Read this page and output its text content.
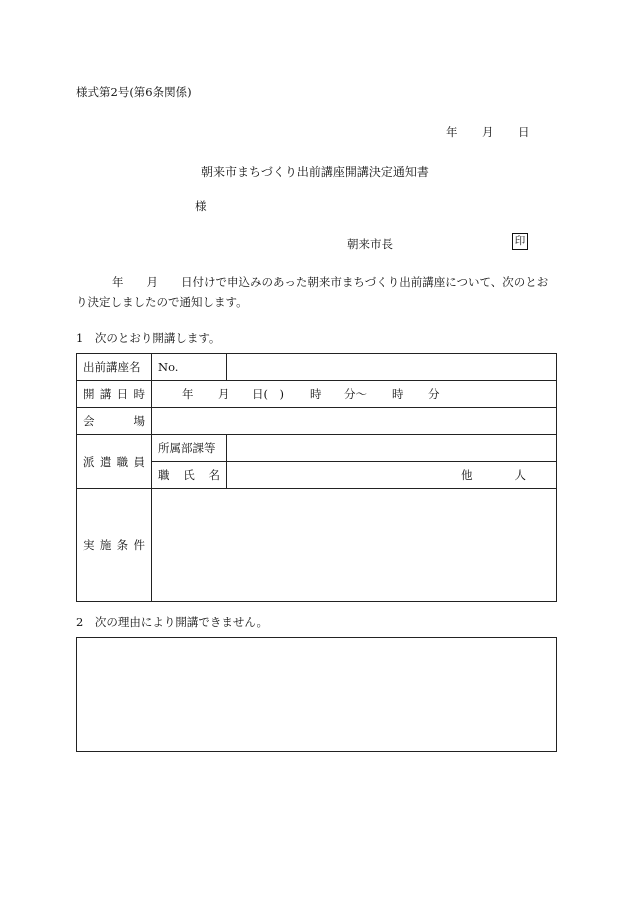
様式第2号(第6条関係)
年 月 日
朝来市まちづくり出前講座開講決定通知書
様
朝来市長	印
年　　月　　日付けで申込みのあった朝来市まちづくり出前講座について、次のとおり決定しましたので通知します。
1　次のとおり開講します。
出前講座名	No.	

開 講 日 時	年 月 日(　) 時 分〜 時 分	

会 場		

派 遣 職 員	所属部課等	

	職 氏 名	他 人

実 施 条 件		

2　次の理由により開講できません。
